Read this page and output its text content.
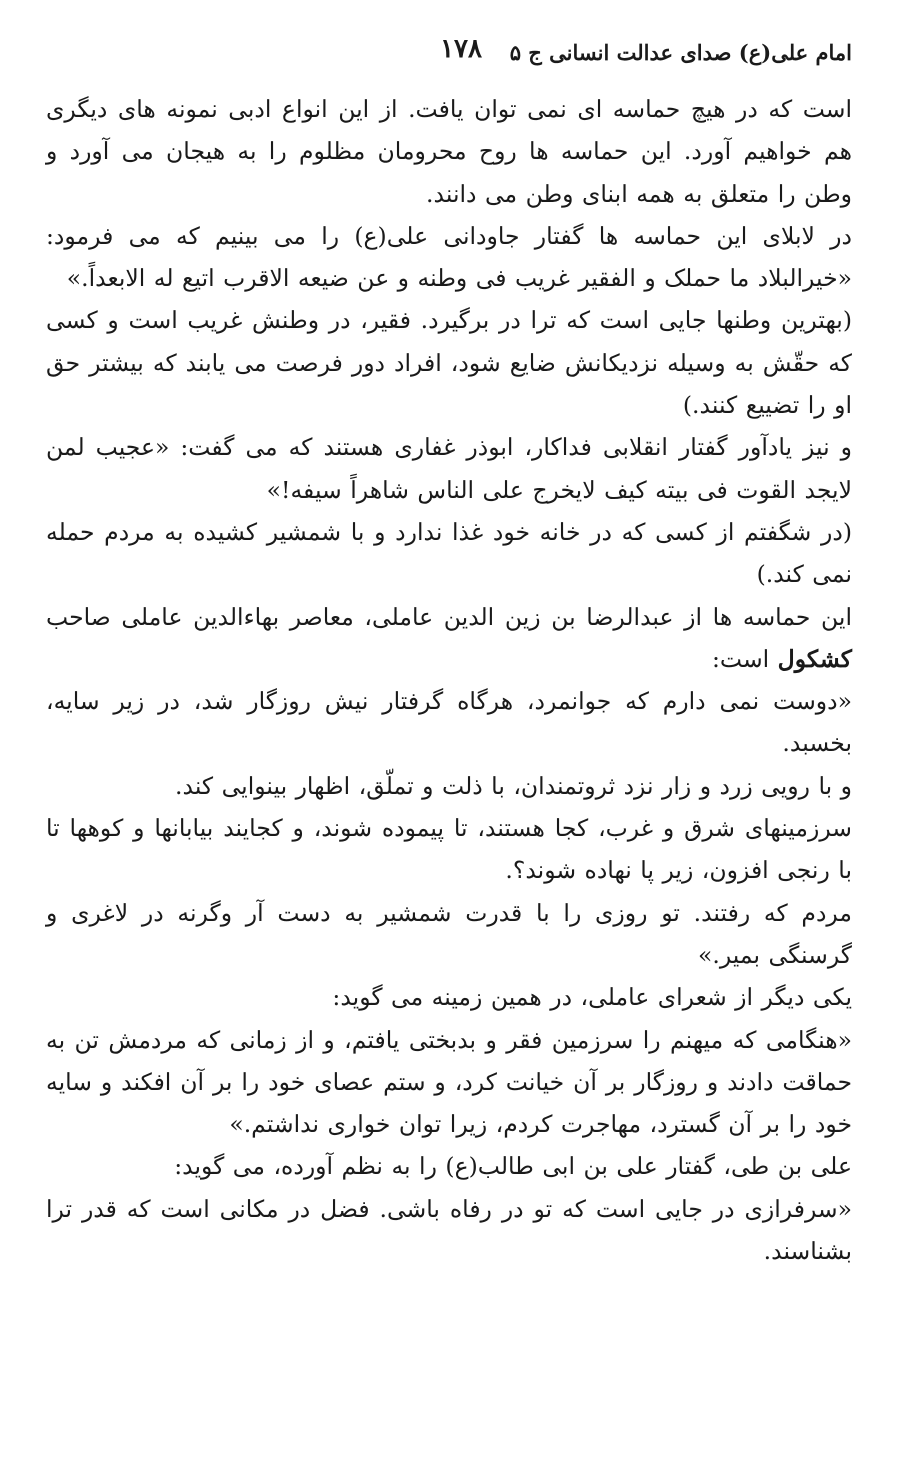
امام علی(ع) صدای عدالت انسانی ج ۵
۱۷۸

است که در هیچ حماسه ای نمی توان یافت. از این انواع ادبی نمونه های دیگری هم خواهیم آورد. این حماسه ها روح محرومان مظلوم را به هیجان می آورد و وطن را متعلق به همه ابنای وطن می دانند.

در لابلای این حماسه ها گفتار جاودانی علی(ع) را می بینیم که می فرمود: «خیرالبلاد ما حملک و الفقیر غریب فی وطنه و عن ضیعه الاقرب اتیع له الابعداً.»

(بهترین وطنها جایی است که ترا در برگیرد. فقیر، در وطنش غریب است و کسی که حقّش به وسیله نزدیکانش ضایع شود، افراد دور فرصت می یابند که بیشتر حق او را تضییع کنند.)

و نیز یادآور گفتار انقلابی فداکار، ابوذر غفاری هستند که می گفت: «عجیب لمن لایجد القوت فی بیته کیف لایخرج علی الناس شاهراً سیفه!»

(در شگفتم از کسی که در خانه خود غذا ندارد و با شمشیر کشیده به مردم حمله نمی کند.)

این حماسه ها از عبدالرضا بن زین الدین عاملی، معاصر بهاءالدین عاملی صاحب کشکول است:

«دوست نمی دارم که جوانمرد، هرگاه گرفتار نیش روزگار شد، در زیر سایه، بخسبد.

و با رویی زرد و زار نزد ثروتمندان، با ذلت و تملّق، اظهار بینوایی کند.

سرزمینهای شرق و غرب، کجا هستند، تا پیموده شوند، و کجایند بیابانها و کوهها تا با رنجی افزون، زیر پا نهاده شوند؟.

مردم که رفتند. تو روزی را با قدرت شمشیر به دست آر وگرنه در لاغری و گرسنگی بمیر.»

یکی دیگر از شعرای عاملی، در همین زمینه می گوید:

«هنگامی که میهنم را سرزمین فقر و بدبختی یافتم، و از زمانی که مردمش تن به حماقت دادند و روزگار بر آن خیانت کرد، و ستم عصای خود را بر آن افکند و سایه خود را بر آن گسترد، مهاجرت کردم، زیرا توان خواری نداشتم.»

علی بن طی، گفتار علی بن ابی طالب(ع) را به نظم آورده، می گوید:

«سرفرازی در جایی است که تو در رفاه باشی. فضل در مکانی است که قدر ترا بشناسند.
